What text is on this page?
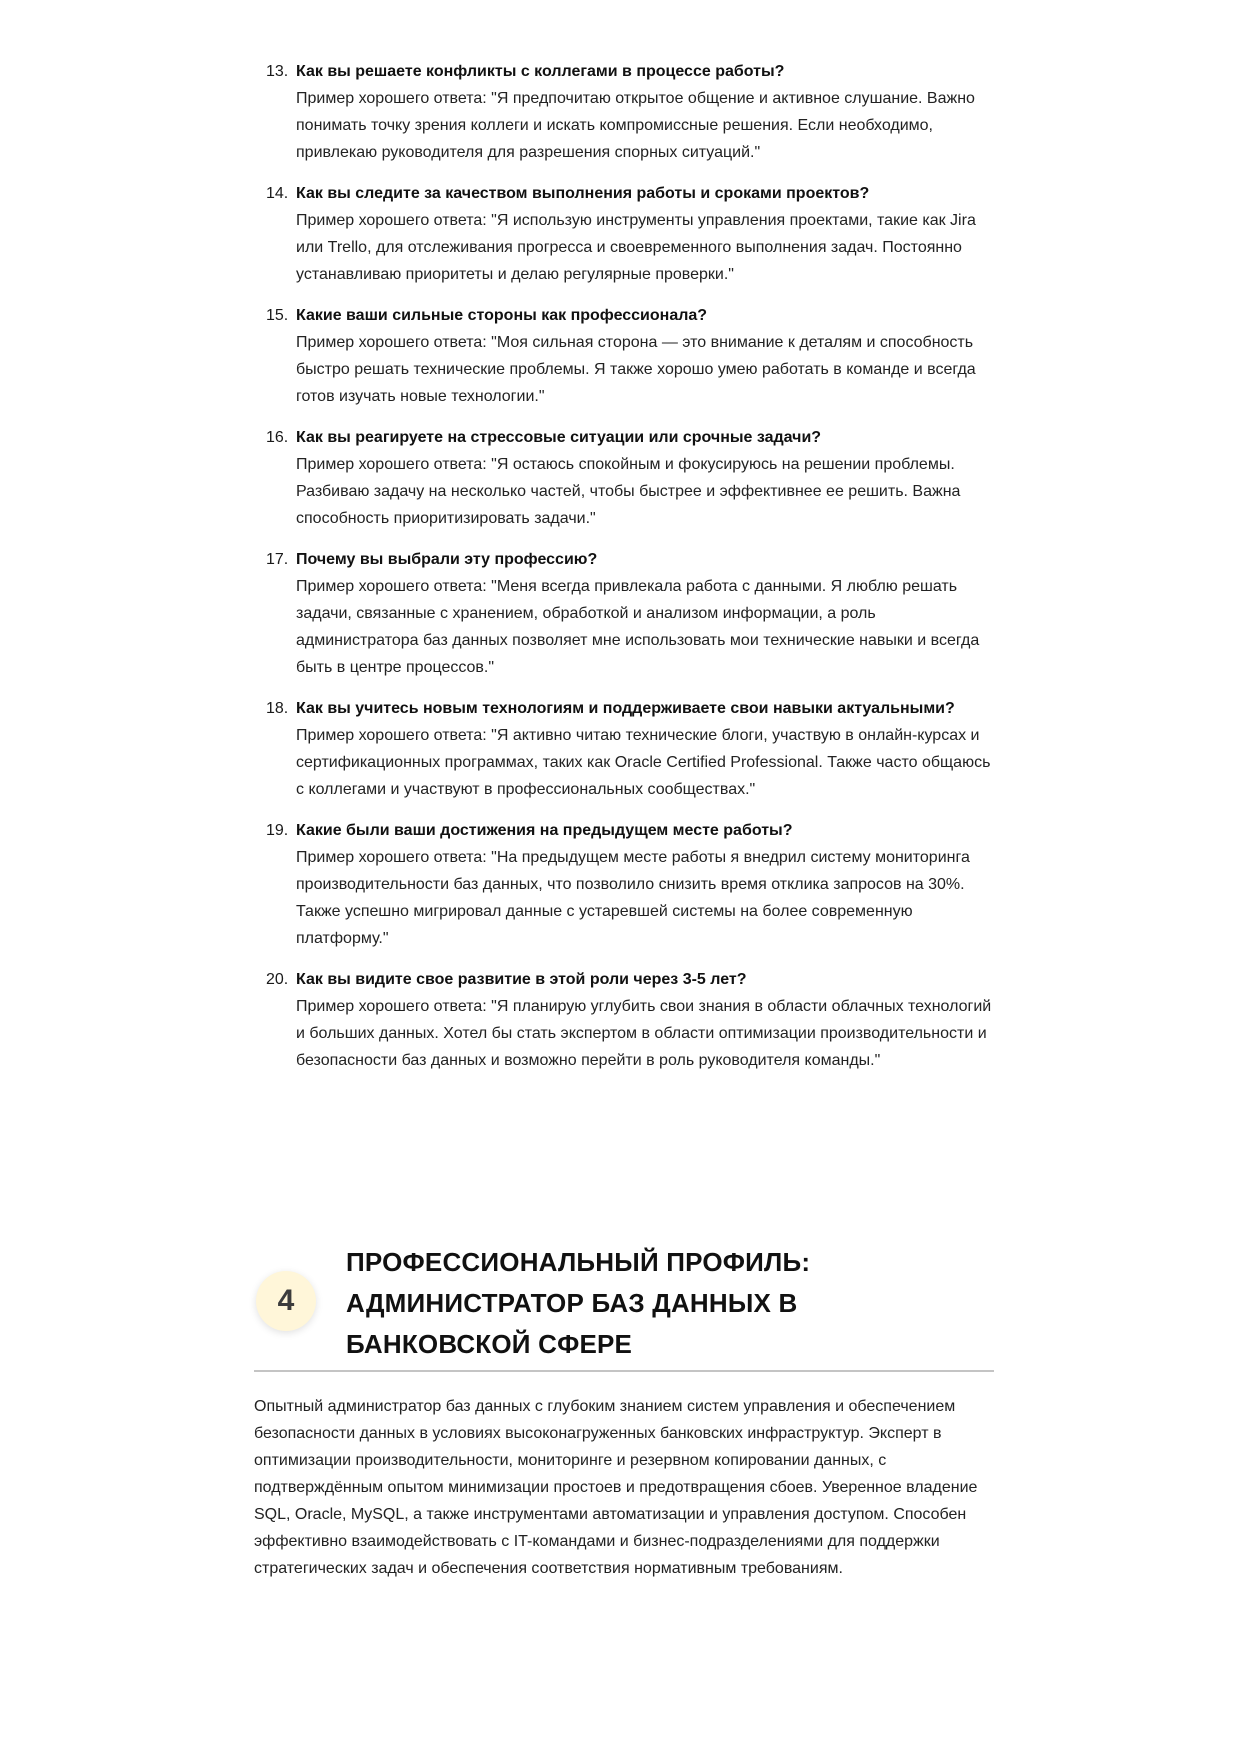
13. Как вы решаете конфликты с коллегами в процессе работы?
Пример хорошего ответа: "Я предпочитаю открытое общение и активное слушание. Важно понимать точку зрения коллеги и искать компромиссные решения. Если необходимо, привлекаю руководителя для разрешения спорных ситуаций."
14. Как вы следите за качеством выполнения работы и сроками проектов?
Пример хорошего ответа: "Я использую инструменты управления проектами, такие как Jira или Trello, для отслеживания прогресса и своевременного выполнения задач. Постоянно устанавливаю приоритеты и делаю регулярные проверки."
15. Какие ваши сильные стороны как профессионала?
Пример хорошего ответа: "Моя сильная сторона — это внимание к деталям и способность быстро решать технические проблемы. Я также хорошо умею работать в команде и всегда готов изучать новые технологии."
16. Как вы реагируете на стрессовые ситуации или срочные задачи?
Пример хорошего ответа: "Я остаюсь спокойным и фокусируюсь на решении проблемы. Разбиваю задачу на несколько частей, чтобы быстрее и эффективнее ее решить. Важна способность приоритизировать задачи."
17. Почему вы выбрали эту профессию?
Пример хорошего ответа: "Меня всегда привлекала работа с данными. Я люблю решать задачи, связанные с хранением, обработкой и анализом информации, а роль администратора баз данных позволяет мне использовать мои технические навыки и всегда быть в центре процессов."
18. Как вы учитесь новым технологиям и поддерживаете свои навыки актуальными?
Пример хорошего ответа: "Я активно читаю технические блоги, участвую в онлайн-курсах и сертификационных программах, таких как Oracle Certified Professional. Также часто общаюсь с коллегами и участвуют в профессиональных сообществах."
19. Какие были ваши достижения на предыдущем месте работы?
Пример хорошего ответа: "На предыдущем месте работы я внедрил систему мониторинга производительности баз данных, что позволило снизить время отклика запросов на 30%. Также успешно мигрировал данные с устаревшей системы на более современную платформу."
20. Как вы видите свое развитие в этой роли через 3-5 лет?
Пример хорошего ответа: "Я планирую углубить свои знания в области облачных технологий и больших данных. Хотел бы стать экспертом в области оптимизации производительности и безопасности баз данных и возможно перейти в роль руководителя команды."
4
ПРОФЕССИОНАЛЬНЫЙ ПРОФИЛЬ: АДМИНИСТРАТОР БАЗ ДАННЫХ В БАНКОВСКОЙ СФЕРЕ

Опытный администратор баз данных с глубоким знанием систем управления и обеспечением безопасности данных в условиях высоконагруженных банковских инфраструктур. Эксперт в оптимизации производительности, мониторинге и резервном копировании данных, с подтверждённым опытом минимизации простоев и предотвращения сбоев. Уверенное владение SQL, Oracle, MySQL, а также инструментами автоматизации и управления доступом. Способен эффективно взаимодействовать с IT-командами и бизнес-подразделениями для поддержки стратегических задач и обеспечения соответствия нормативным требованиям.
